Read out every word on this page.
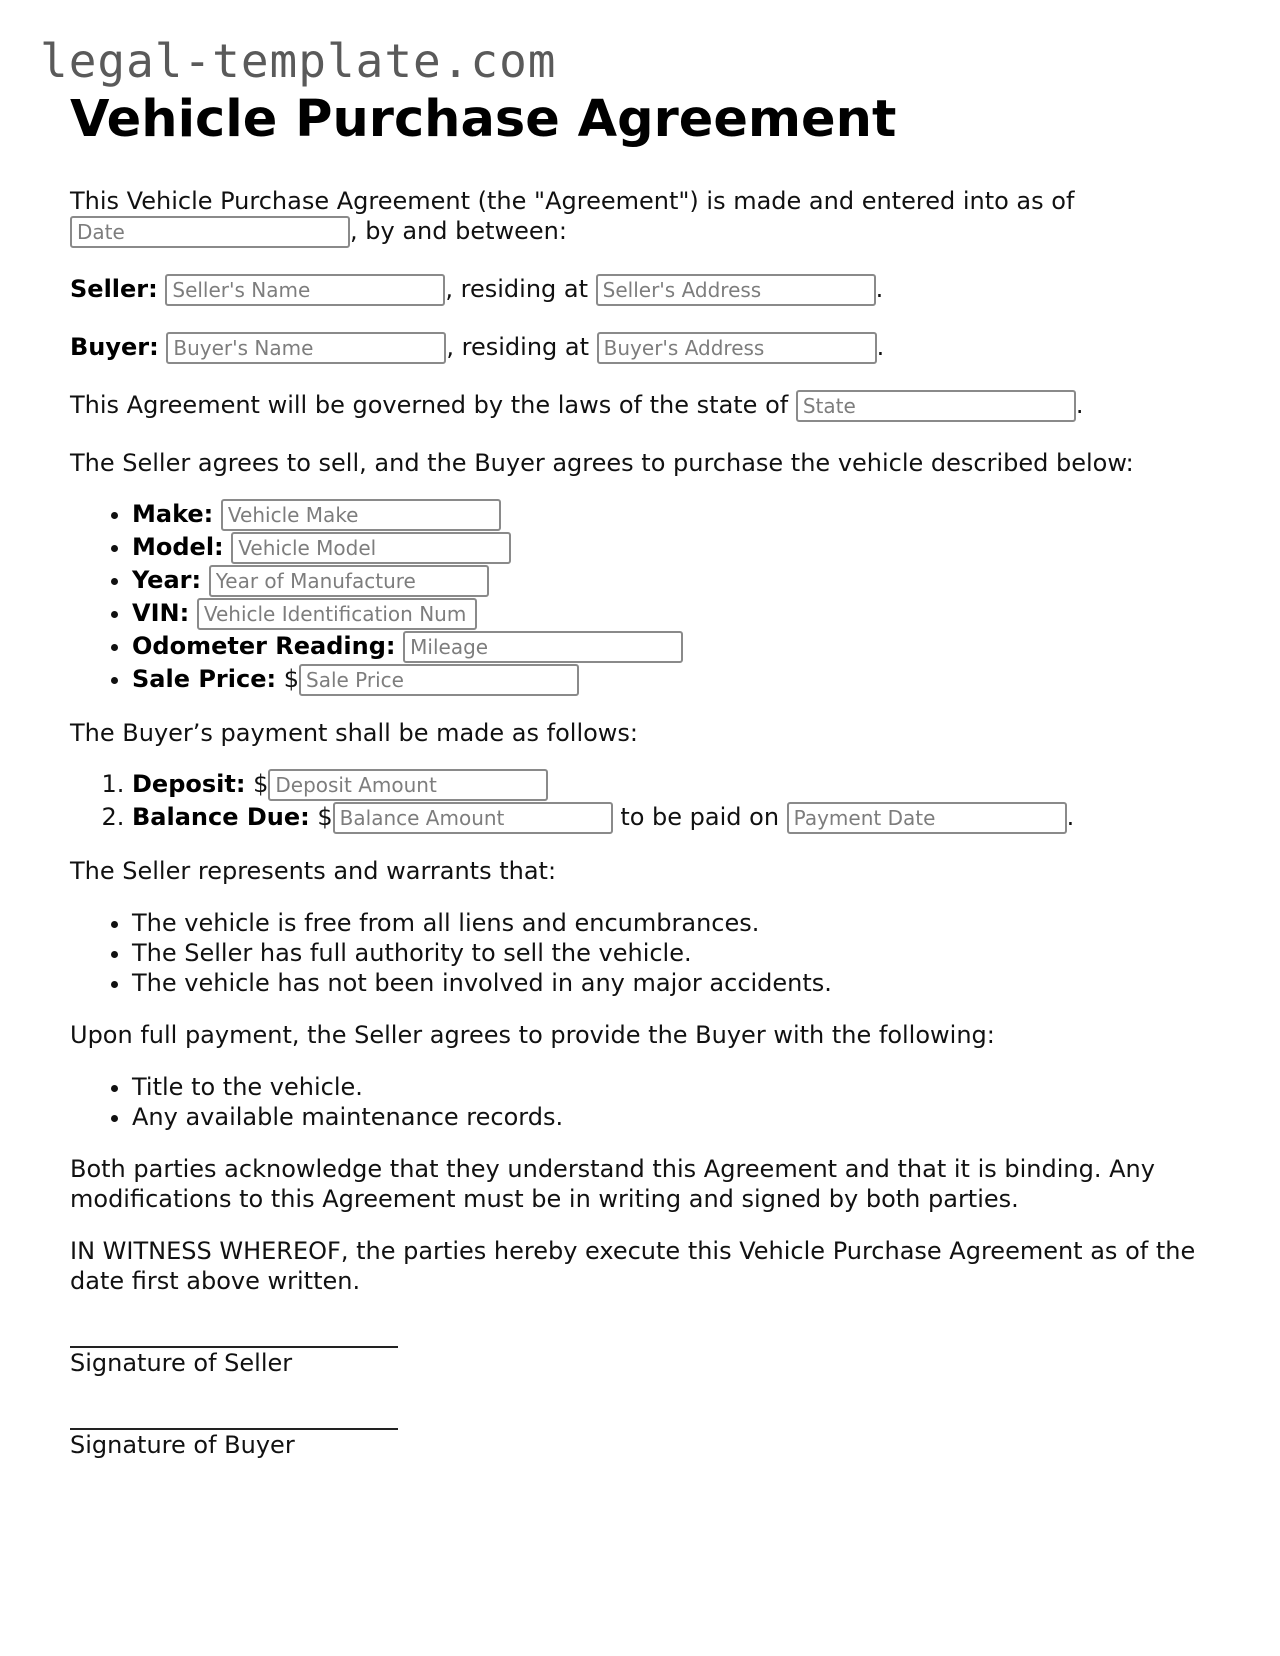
legal-template.com
Vehicle Purchase Agreement

This Vehicle Purchase Agreement (the "Agreement") is made and entered into as of
Date, by and between:

Seller: Seller's Name	, residing at Seller's Address	.

Buyer: Buyer's Name	, residing at Buyer's Address	.

This Agreement will be governed by the laws of the state of State	.

The Seller agrees to sell, and the Buyer agrees to purchase the vehicle described below:

• Make: Vehicle Make
• Model: Vehicle Model
• Year: Year of Manufacture
• VIN: Vehicle Identification Num
• Odometer Reading: Mileage
• Sale Price: $Sale Price

The Buyer’s payment shall be made as follows:

1. Deposit: $Deposit Amount
2. Balance Due: $Balance Amount	to be paid on Payment Date	.

The Seller represents and warrants that:

• The vehicle is free from all liens and encumbrances.
• The Seller has full authority to sell the vehicle.
• The vehicle has not been involved in any major accidents.

Upon full payment, the Seller agrees to provide the Buyer with the following:

• Title to the vehicle.
• Any available maintenance records.

Both parties acknowledge that they understand this Agreement and that it is binding. Any modifications to this Agreement must be in writing and signed by both parties.

IN WITNESS WHEREOF, the parties hereby execute this Vehicle Purchase Agreement as of the date first above written.

Signature of Seller

Signature of Buyer
